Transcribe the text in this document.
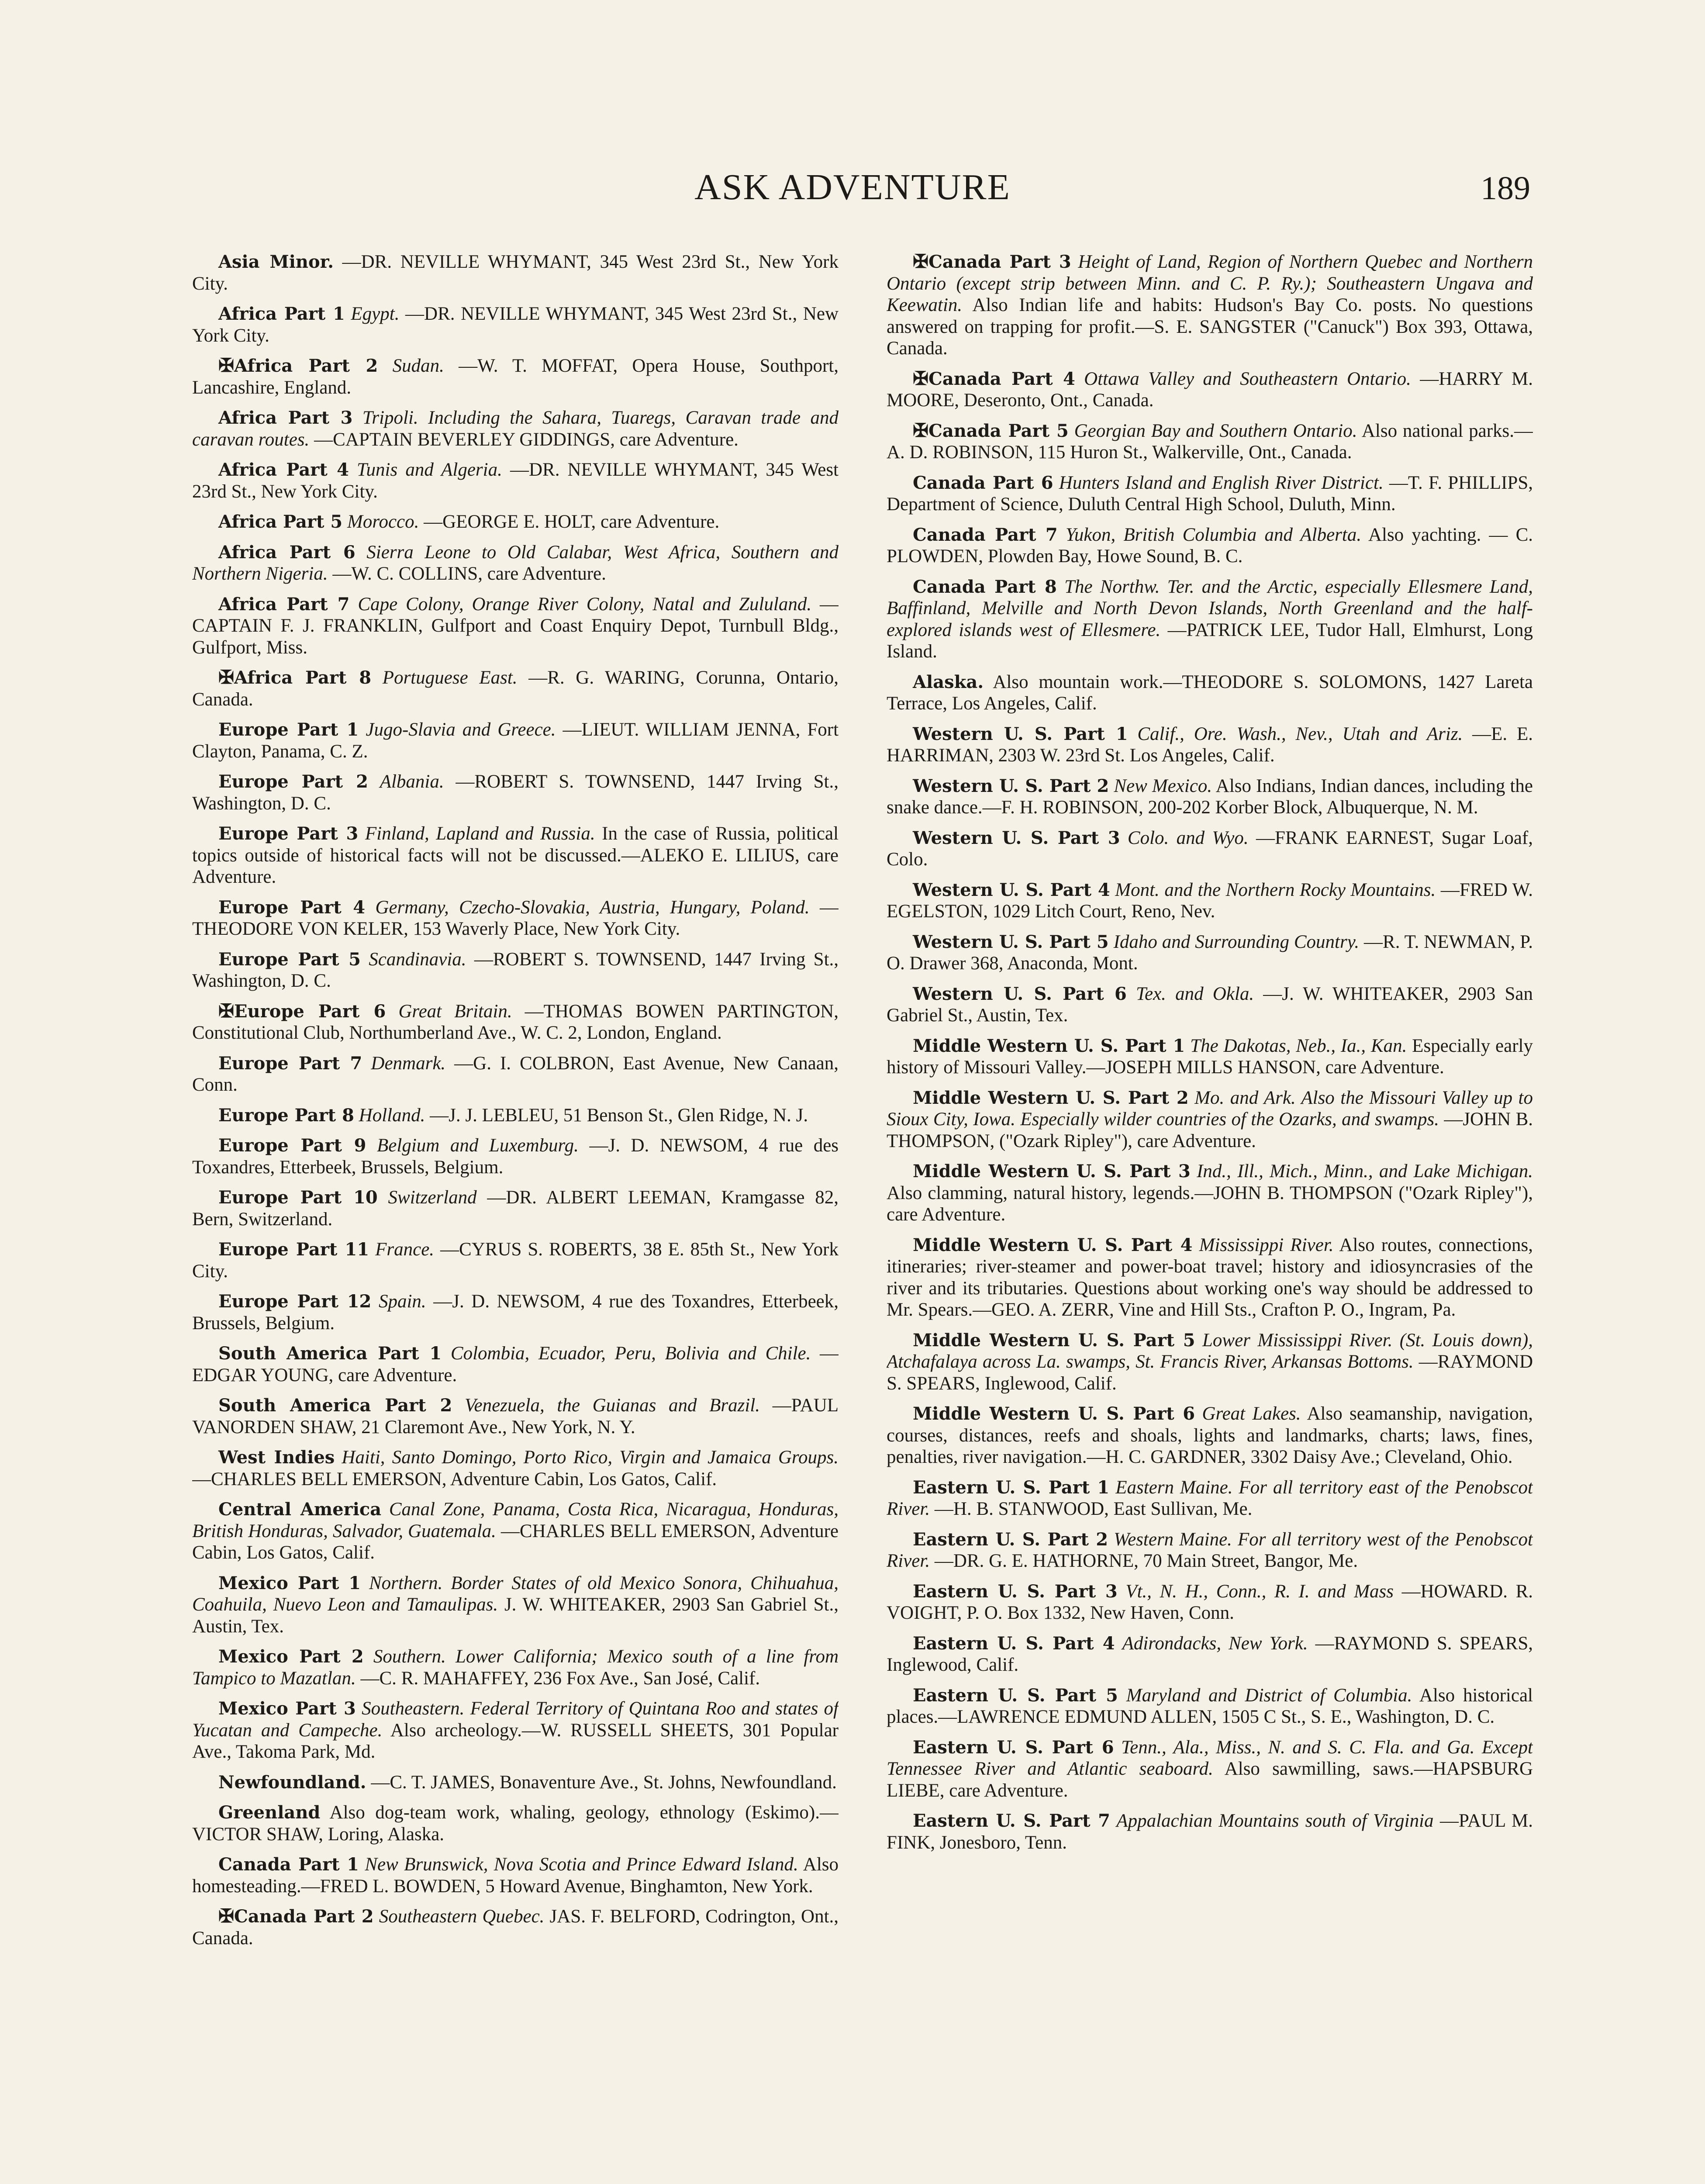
ASK ADVENTURE	189

Asia Minor. —DR. NEVILLE WHYMANT, 345 West 23rd St., New York City.

Africa Part 1 Egypt. —DR. NEVILLE WHYMANT, 345 West 23rd St., New York City.

✠Africa Part 2 Sudan. —W. T. MOFFAT, Opera House, Southport, Lancashire, England.

Africa Part 3 Tripoli. Including the Sahara, Tuaregs, Caravan trade and caravan routes. —CAPTAIN BEVERLEY GIDDINGS, care Adventure.

Africa Part 4 Tunis and Algeria. —DR. NEVILLE WHYMANT, 345 West 23rd St., New York City.

Africa Part 5 Morocco. —GEORGE E. HOLT, care Adventure.

Africa Part 6 Sierra Leone to Old Calabar, West Africa, Southern and Northern Nigeria. —W. C. COLLINS, care Adventure.

Africa Part 7 Cape Colony, Orange River Colony, Natal and Zululand. —CAPTAIN F. J. FRANKLIN, Gulfport and Coast Enquiry Depot, Turnbull Bldg., Gulfport, Miss.

✠Africa Part 8 Portuguese East. —R. G. WARING, Corunna, Ontario, Canada.

Europe Part 1 Jugo-Slavia and Greece. —LIEUT. WILLIAM JENNA, Fort Clayton, Panama, C. Z.

Europe Part 2 Albania. —ROBERT S. TOWNSEND, 1447 Irving St., Washington, D. C.

Europe Part 3 Finland, Lapland and Russia. In the case of Russia, political topics outside of historical facts will not be discussed.—ALEKO E. LILIUS, care Adventure.

Europe Part 4 Germany, Czecho-Slovakia, Austria, Hungary, Poland. —THEODORE VON KELER, 153 Waverly Place, New York City.

Europe Part 5 Scandinavia. —ROBERT S. TOWNSEND, 1447 Irving St., Washington, D. C.

✠Europe Part 6 Great Britain. —THOMAS BOWEN PARTINGTON, Constitutional Club, Northumberland Ave., W. C. 2, London, England.

Europe Part 7 Denmark. —G. I. COLBRON, East Avenue, New Canaan, Conn.

Europe Part 8 Holland. —J. J. LEBLEU, 51 Benson St., Glen Ridge, N. J.

Europe Part 9 Belgium and Luxemburg. —J. D. NEWSOM, 4 rue des Toxandres, Etterbeek, Brussels, Belgium.

Europe Part 10 Switzerland —DR. ALBERT LEEMAN, Kramgasse 82, Bern, Switzerland.

Europe Part 11 France. —CYRUS S. ROBERTS, 38 E. 85th St., New York City.

Europe Part 12 Spain. —J. D. NEWSOM, 4 rue des Toxandres, Etterbeek, Brussels, Belgium.

South America Part 1 Colombia, Ecuador, Peru, Bolivia and Chile. —EDGAR YOUNG, care Adventure.

South America Part 2 Venezuela, the Guianas and Brazil. —PAUL VANORDEN SHAW, 21 Claremont Ave., New York, N. Y.

West Indies Haiti, Santo Domingo, Porto Rico, Virgin and Jamaica Groups. —CHARLES BELL EMERSON, Adventure Cabin, Los Gatos, Calif.

Central America Canal Zone, Panama, Costa Rica, Nicaragua, Honduras, British Honduras, Salvador, Guatemala. —CHARLES BELL EMERSON, Adventure Cabin, Los Gatos, Calif.

Mexico Part 1 Northern. Border States of old Mexico Sonora, Chihuahua, Coahuila, Nuevo Leon and Tamaulipas. J. W. WHITEAKER, 2903 San Gabriel St., Austin, Tex.

Mexico Part 2 Southern. Lower California; Mexico south of a line from Tampico to Mazatlan. —C. R. MAHAFFEY, 236 Fox Ave., San José, Calif.

Mexico Part 3 Southeastern. Federal Territory of Quintana Roo and states of Yucatan and Campeche. Also archeology.—W. RUSSELL SHEETS, 301 Popular Ave., Takoma Park, Md.

Newfoundland. —C. T. JAMES, Bonaventure Ave., St. Johns, Newfoundland.

Greenland Also dog-team work, whaling, geology, ethnology (Eskimo).—VICTOR SHAW, Loring, Alaska.

Canada Part 1 New Brunswick, Nova Scotia and Prince Edward Island. Also homesteading.—FRED L. BOWDEN, 5 Howard Avenue, Binghamton, New York.

✠Canada Part 2 Southeastern Quebec. JAS. F. BELFORD, Codrington, Ont., Canada.

✠Canada Part 3 Height of Land, Region of Northern Quebec and Northern Ontario (except strip between Minn. and C. P. Ry.); Southeastern Ungava and Keewatin. Also Indian life and habits: Hudson's Bay Co. posts. No questions answered on trapping for profit.—S. E. SANGSTER ("Canuck") Box 393, Ottawa, Canada.

✠Canada Part 4 Ottawa Valley and Southeastern Ontario. —HARRY M. MOORE, Deseronto, Ont., Canada.

✠Canada Part 5 Georgian Bay and Southern Ontario. Also national parks.—A. D. ROBINSON, 115 Huron St., Walkerville, Ont., Canada.

Canada Part 6 Hunters Island and English River District. —T. F. PHILLIPS, Department of Science, Duluth Central High School, Duluth, Minn.

Canada Part 7 Yukon, British Columbia and Alberta. Also yachting. — C. PLOWDEN, Plowden Bay, Howe Sound, B. C.

Canada Part 8 The Northw. Ter. and the Arctic, especially Ellesmere Land, Baffinland, Melville and North Devon Islands, North Greenland and the half-explored islands west of Ellesmere. —PATRICK LEE, Tudor Hall, Elmhurst, Long Island.

Alaska. Also mountain work.—THEODORE S. SOLOMONS, 1427 Lareta Terrace, Los Angeles, Calif.

Western U. S. Part 1 Calif., Ore. Wash., Nev., Utah and Ariz. —E. E. HARRIMAN, 2303 W. 23rd St. Los Angeles, Calif.

Western U. S. Part 2 New Mexico. Also Indians, Indian dances, including the snake dance.—F. H. ROBINSON, 200-202 Korber Block, Albuquerque, N. M.

Western U. S. Part 3 Colo. and Wyo. —FRANK EARNEST, Sugar Loaf, Colo.

Western U. S. Part 4 Mont. and the Northern Rocky Mountains. —FRED W. EGELSTON, 1029 Litch Court, Reno, Nev.

Western U. S. Part 5 Idaho and Surrounding Country. —R. T. NEWMAN, P. O. Drawer 368, Anaconda, Mont.

Western U. S. Part 6 Tex. and Okla. —J. W. WHITEAKER, 2903 San Gabriel St., Austin, Tex.

Middle Western U. S. Part 1 The Dakotas, Neb., Ia., Kan. Especially early history of Missouri Valley.—JOSEPH MILLS HANSON, care Adventure.

Middle Western U. S. Part 2 Mo. and Ark. Also the Missouri Valley up to Sioux City, Iowa. Especially wilder countries of the Ozarks, and swamps. —JOHN B. THOMPSON, ("Ozark Ripley"), care Adventure.

Middle Western U. S. Part 3 Ind., Ill., Mich., Minn., and Lake Michigan. Also clamming, natural history, legends.—JOHN B. THOMPSON ("Ozark Ripley"), care Adventure.

Middle Western U. S. Part 4 Mississippi River. Also routes, connections, itineraries; river-steamer and power-boat travel; history and idiosyncrasies of the river and its tributaries. Questions about working one's way should be addressed to Mr. Spears.—GEO. A. ZERR, Vine and Hill Sts., Crafton P. O., Ingram, Pa.

Middle Western U. S. Part 5 Lower Mississippi River. (St. Louis down), Atchafalaya across La. swamps, St. Francis River, Arkansas Bottoms. —RAYMOND S. SPEARS, Inglewood, Calif.

Middle Western U. S. Part 6 Great Lakes. Also seamanship, navigation, courses, distances, reefs and shoals, lights and landmarks, charts; laws, fines, penalties, river navigation.—H. C. GARDNER, 3302 Daisy Ave.; Cleveland, Ohio.

Eastern U. S. Part 1 Eastern Maine. For all territory east of the Penobscot River. —H. B. STANWOOD, East Sullivan, Me.

Eastern U. S. Part 2 Western Maine. For all territory west of the Penobscot River. —DR. G. E. HATHORNE, 70 Main Street, Bangor, Me.

Eastern U. S. Part 3 Vt., N. H., Conn., R. I. and Mass —HOWARD. R. VOIGHT, P. O. Box 1332, New Haven, Conn.

Eastern U. S. Part 4 Adirondacks, New York. —RAYMOND S. SPEARS, Inglewood, Calif.

Eastern U. S. Part 5 Maryland and District of Columbia. Also historical places.—LAWRENCE EDMUND ALLEN, 1505 C St., S. E., Washington, D. C.

Eastern U. S. Part 6 Tenn., Ala., Miss., N. and S. C. Fla. and Ga. Except Tennessee River and Atlantic seaboard. Also sawmilling, saws.—HAPSBURG LIEBE, care Adventure.

Eastern U. S. Part 7 Appalachian Mountains south of Virginia —PAUL M. FINK, Jonesboro, Tenn.
